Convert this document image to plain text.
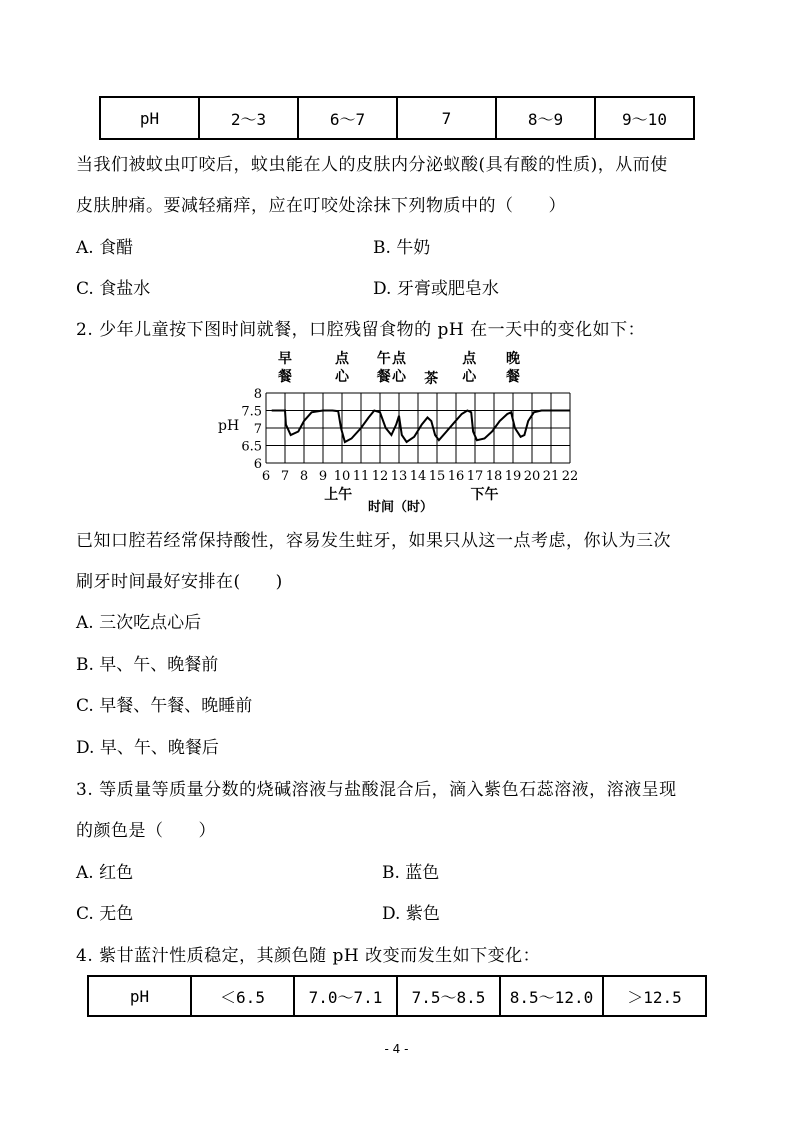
pH	2～3	6～7	7	8～9	9～10
当我们被蚊虫叮咬后，蚊虫能在人的皮肤内分泌蚁酸(具有酸的性质)，从而使
皮肤肿痛。要减轻痛痒，应在叮咬处涂抹下列物质中的（　　）
A. 食醋	B. 牛奶
C. 食盐水	D. 牙膏或肥皂水
2. 少年儿童按下图时间就餐，口腔残留食物的 pH 在一天中的变化如下：
早
餐
点
心
午
餐
点
心 茶
点
心
晚
餐
8
7.5
7
6.5
6
6 7 8 9 10 11 12 13 14 15 16 17 18 19 20 21 22
pH
时间（时）
上午	下午
已知口腔若经常保持酸性，容易发生蛀牙，如果只从这一点考虑，你认为三次
刷牙时间最好安排在(　　)
A. 三次吃点心后
B. 早、午、晚餐前
C. 早餐、午餐、晚睡前
D. 早、午、晚餐后
3. 等质量等质量分数的烧碱溶液与盐酸混合后，滴入紫色石蕊溶液，溶液呈现
的颜色是（　　）
A. 红色	B. 蓝色
C. 无色	D. 紫色
4. 紫甘蓝汁性质稳定，其颜色随 pH 改变而发生如下变化：
pH	＜6.5	7.0～7.1	7.5～8.5	8.5～12.0	＞12.5
- 4 -
